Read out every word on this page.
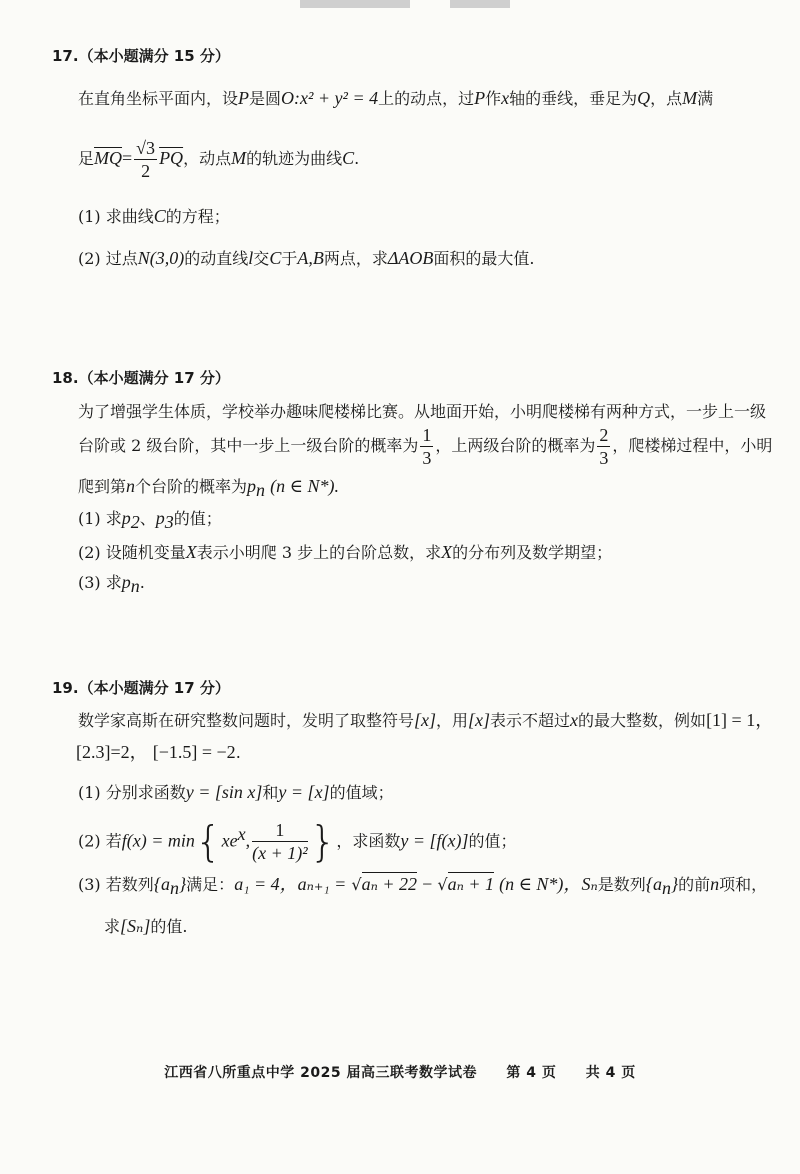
17.（本小题满分 15 分）
在直角坐标平面内，设P是圆O:x² + y² = 4上的动点，过P作x轴的垂线，垂足为Q，点M满
足$\overline{MQ}= \frac{√3}{2} \overline{PQ}$，动点M的轨迹为曲线C.
(1) 求曲线C的方程；
(2) 过点N(3,0)的动直线l交C于A,B两点，求ΔAOB面积的最大值.
18.（本小题满分 17 分）
为了增强学生体质，学校举办趣味爬楼梯比赛。从地面开始，小明爬楼梯有两种方式，一步上一级
台阶或 2 级台阶，其中一步上一级台阶的概率为 $\frac{1}{3}$ ，上两级台阶的概率为 $\frac{2}{3}$ ，爬楼梯过程中，小明
爬到第n个台阶的概率为$p_n$ (n ∈ N*).
(1) 求$p_2$、$p_3$的值；
(2) 设随机变量X表示小明爬 3 步上的台阶总数，求X的分布列及数学期望；
(3) 求$p_n$.
19.（本小题满分 17 分）
数学家高斯在研究整数问题时，发明了取整符号[x]，用[x]表示不超过x的最大整数，例如[1] = 1，
[2.3]=2， [−1.5] = −2.
(1) 分别求函数y = [sin x]和y = [x]的值域；
(2) 若$f(x) = \min\{xe^x$, $\frac{1}{\text{(x + 1)²}}$ }，求函数y = [f(x)]的值；
(3) 若数列$\{a_n\}$满足：a₁ = 4，aₙ₊₁ = √aₙ + 22 − √aₙ + 1 (n ∈ N*)，Sₙ是数列$\{a_n\}$的前n项和，
求[Sₙ]的值.
江西省八所重点中学 2025 届高三联考数学试卷 第 4 页 共 4 页
